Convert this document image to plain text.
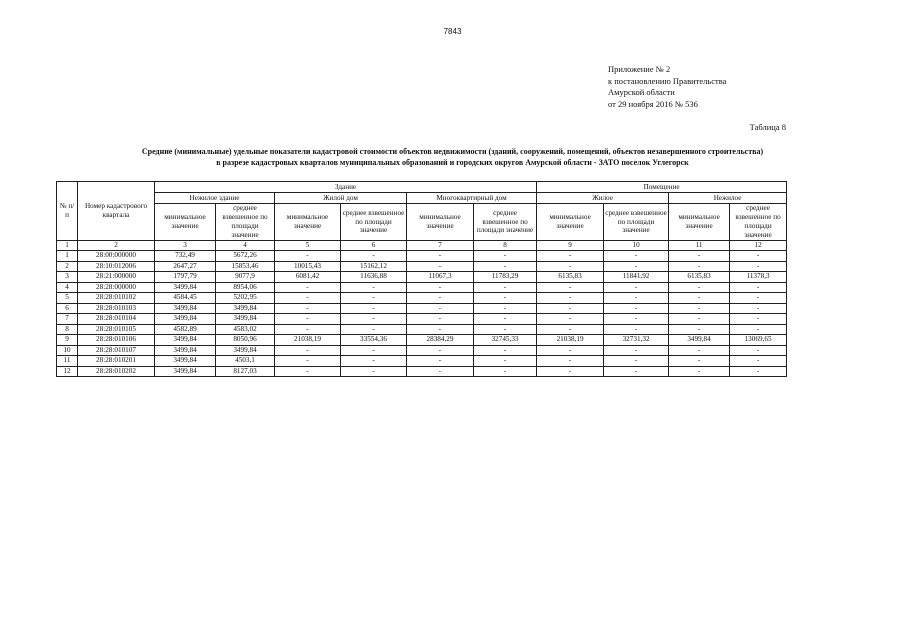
7843
Приложение № 2
к постановлению Правительства
Амурской области
от 29 ноября 2016 № 536
Таблица 8
Средние (минимальные) удельные показатели кадастровой стоимости объектов недвижимости (зданий, сооружений, помещений, объектов незавершенного строительства)
в разрезе кадастровых кварталов муниципальных образований и городских округов Амурской области - ЗАТО поселок Углегорск
№ п/п	Номер кадастрового квартала	Здание						Помещение			
		Нежилое здание		Жилой дом		Многоквартирный дом		Жилое		Нежилое	
		минимальное значение	среднее взвешенное по площади значение	минимальное значение	среднее взвешенное по площади значение	минимальное значение	среднее взвешенное по площади значение	минимальное значение	среднее взвешенное по площади значение	минимальное значение	среднее взвешенное по площади значение
1	2	3	4	5	6	7	8	9	10	11	12
1	28:00:000000	732,49	5672,26	-	-	-	-	-	-	-	-
2	28:10:012006	2647,27	15853,46	10015,43	15162,12	-	-	-	-	-	-
3	28:21:000000	1797,79	9077,9	6081,42	11636,88	11067,3	11783,29	6135,83	11841,92	6135,83	11378,3
4	28:28:000000	3499,84	8954,06	-	-	-	-	-	-	-	-
5	28:28:010102	4584,45	5202,95	-	-	-	-	-	-	-	-
6	28:28:010103	3499,84	3499,84	-	-	-	-	-	-	-	-
7	28:28:010104	3499,84	3499,84	-	-	-	-	-	-	-	-
8	28:28:010105	4582,89	4583,02	-	-	-	-	-	-	-	-
9	28:28:010106	3499,84	8050,96	21038,19	33554,36	28384,29	32745,33	21038,19	32731,32	3499,84	13069,65
10	28:28:010107	3499,84	3499,84	-	-	-	-	-	-	-	-
11	28:28:010201	3499,84	4503,1	-	-	-	-	-	-	-	-
12	28:28:010202	3499,84	8127,03	-	-	-	-	-	-	-	-
